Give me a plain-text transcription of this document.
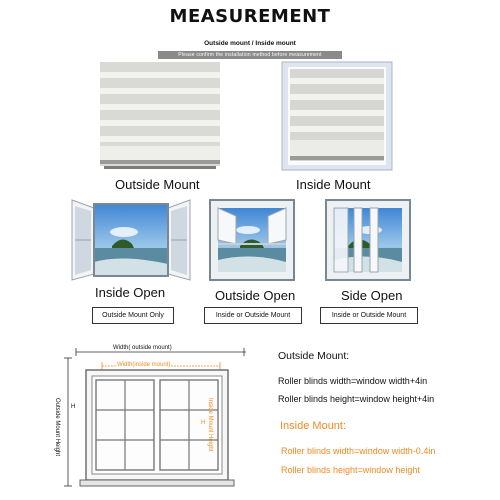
MEASUREMENT
Outside mount / Inside mount
Please confirm the installation method before measurement
Outside Mount	Inside Mount
Inside Open	Outside Open	Side Open
Outside Mount Only	Inside or Outside Mount	Inside or Outside Mount
Width( outside mount)
Width(inside mount)
Outside Mount Height	Inside Mount Height
H
H
Outside Mount:
Roller blinds width=window width+4in
Roller blinds height=window height+4in
Inside Mount:
Roller blinds width=window width-0.4in
Roller blinds height=window height
